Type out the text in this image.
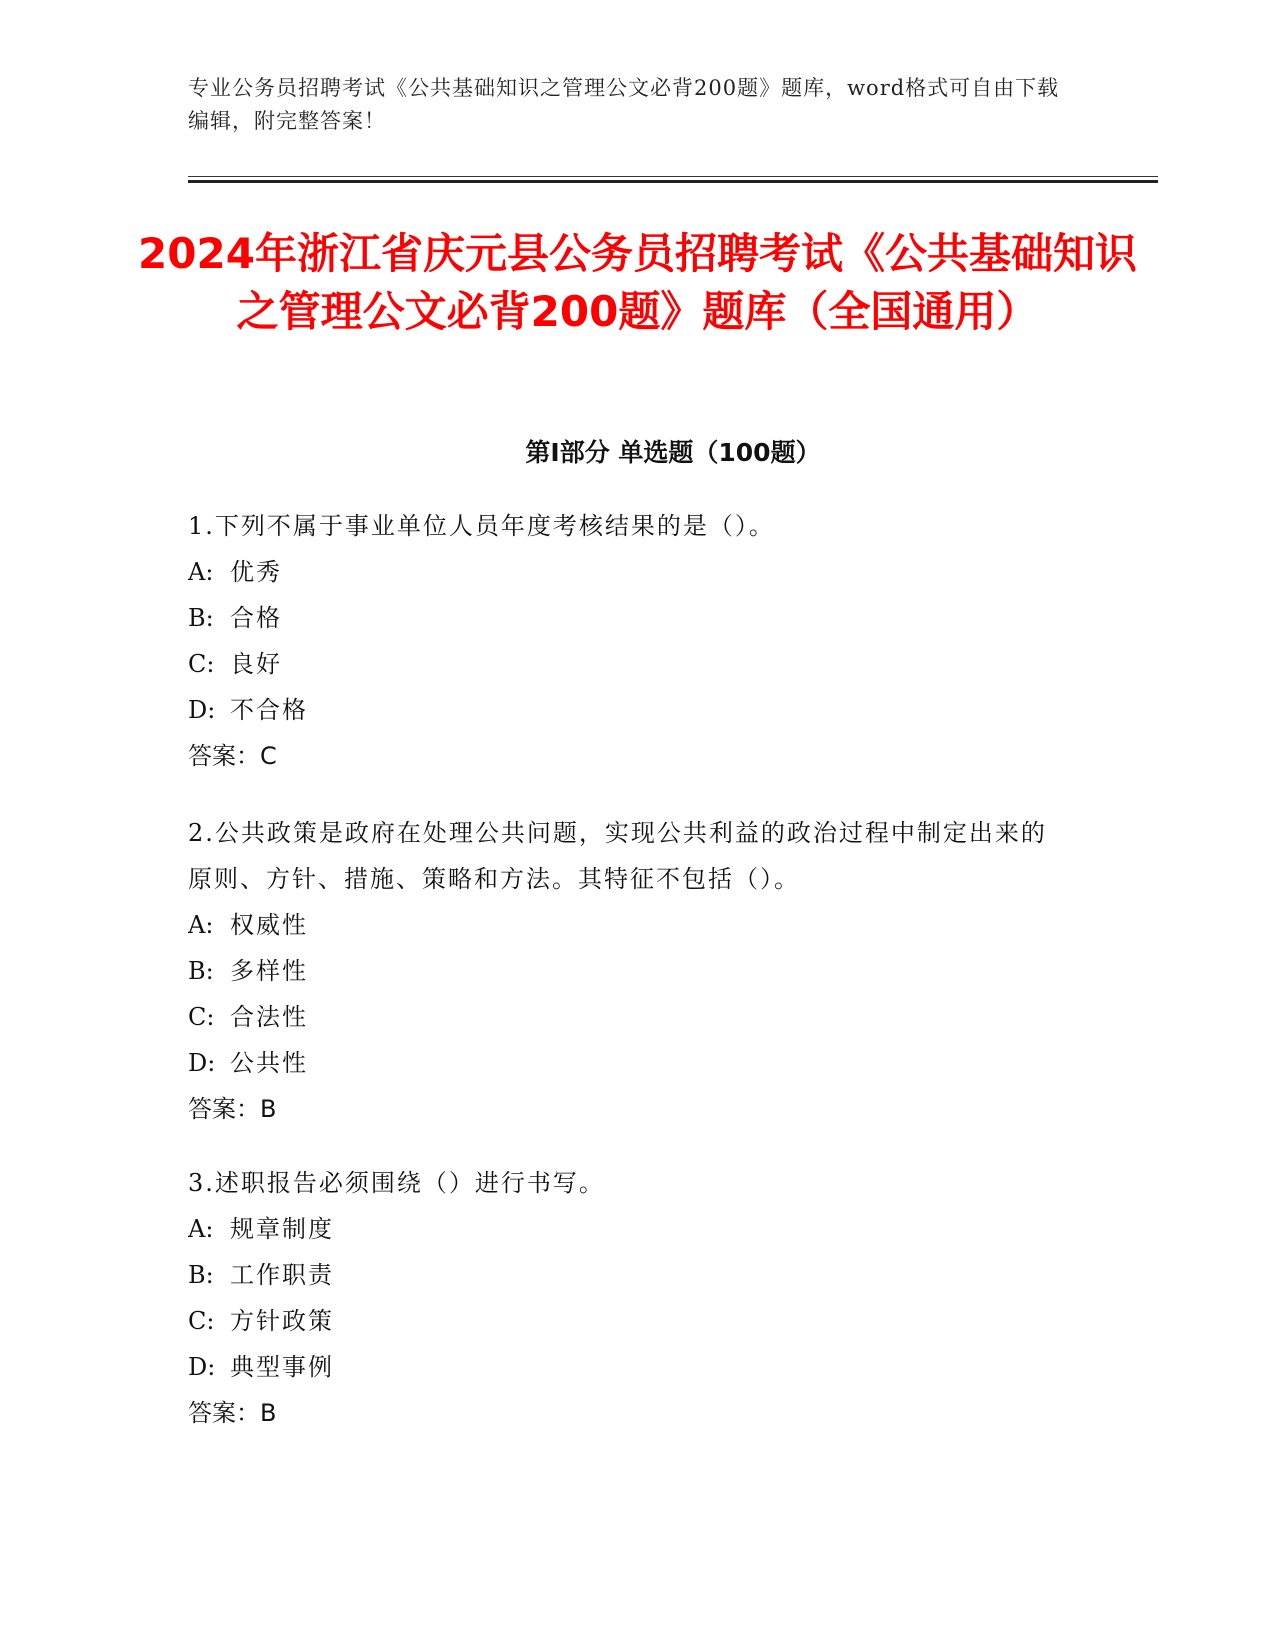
专业公务员招聘考试《公共基础知识之管理公文必背200题》题库，word格式可自由下载编辑，附完整答案！
2024年浙江省庆元县公务员招聘考试《公共基础知识之管理公文必背200题》题库（全国通用）
第I部分 单选题（100题）

1.下列不属于事业单位人员年度考核结果的是（）。

A: 优秀

B: 合格

C: 良好

D: 不合格

答案：C

2.公共政策是政府在处理公共问题，实现公共利益的政治过程中制定出来的原则、方针、措施、策略和方法。其特征不包括（）。

A: 权威性

B: 多样性

C: 合法性

D: 公共性

答案：B

3.述职报告必须围绕（）进行书写。

A: 规章制度

B: 工作职责

C: 方针政策

D: 典型事例

答案：B
